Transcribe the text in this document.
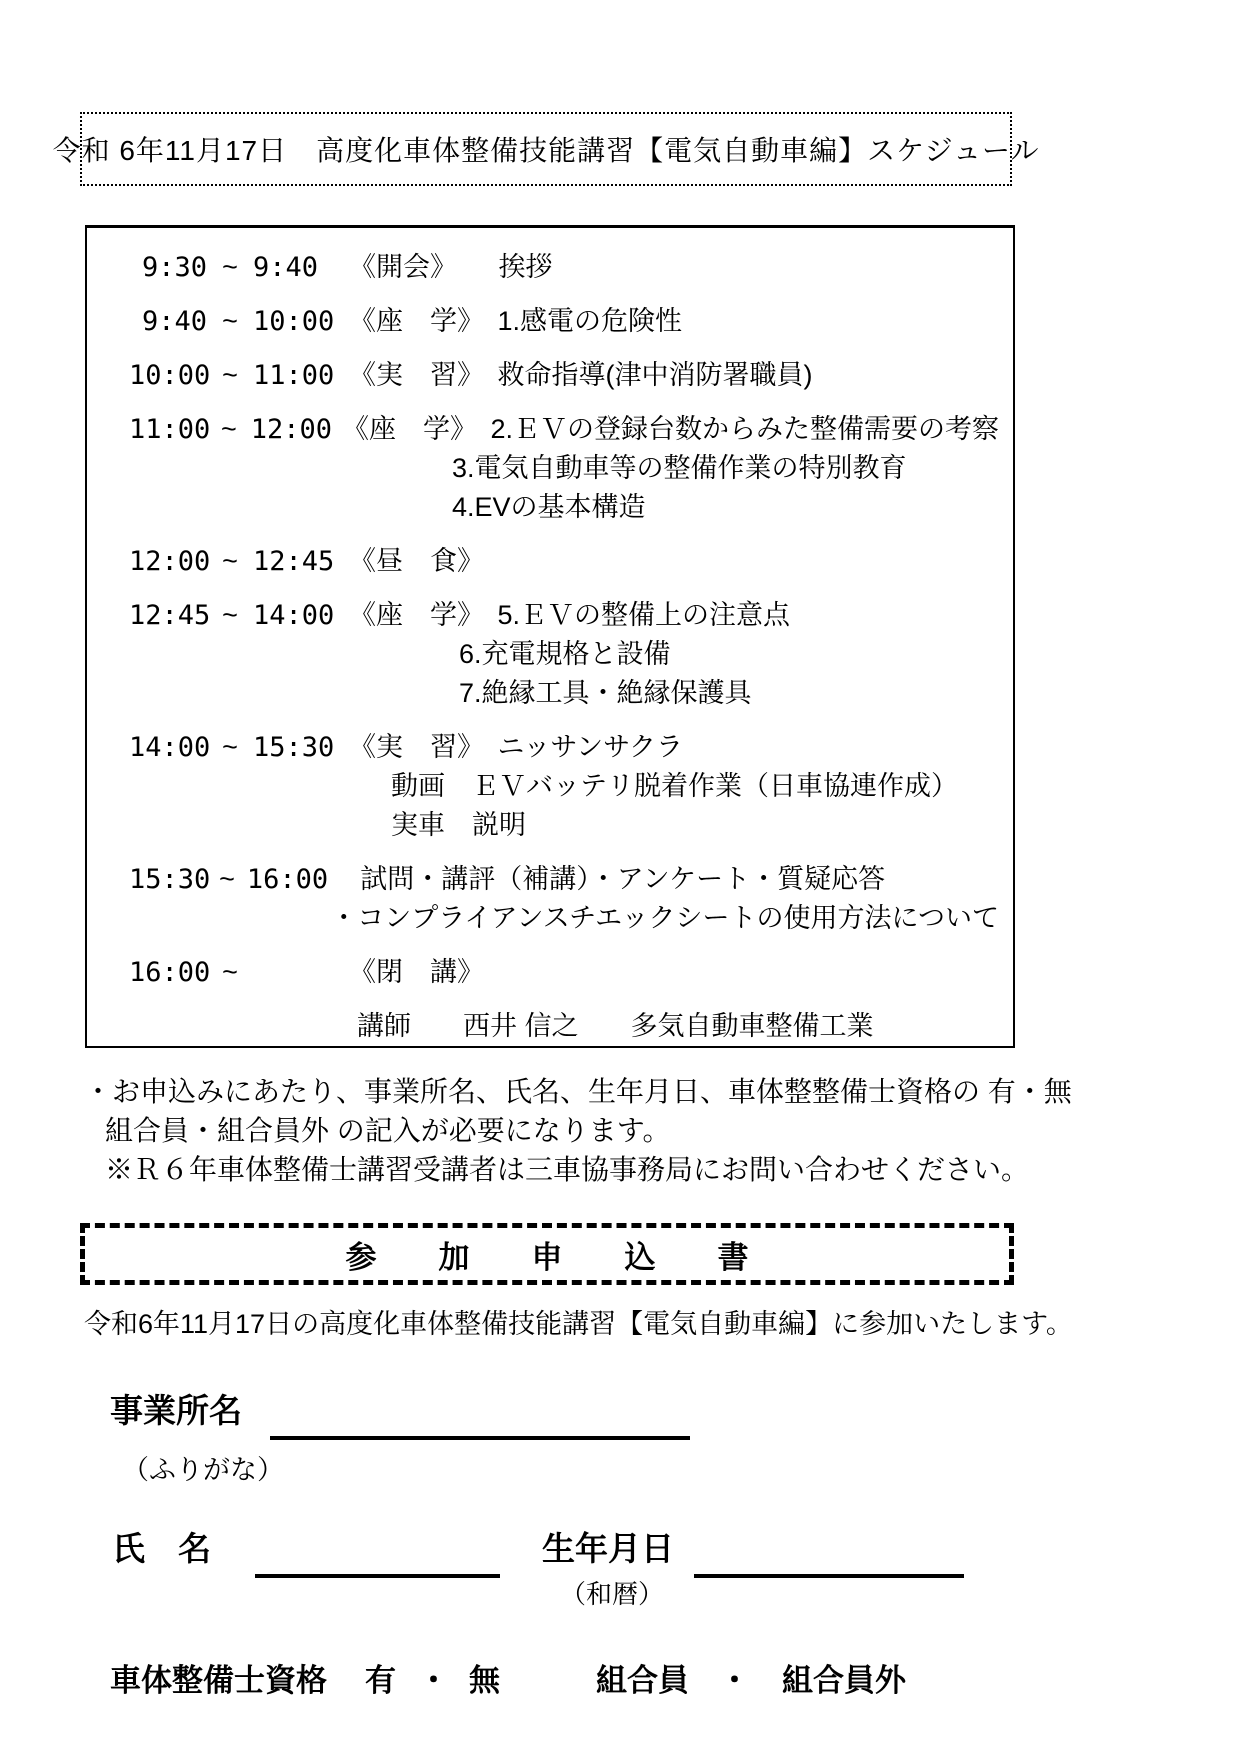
令和 6年11月17日　高度化車体整備技能講習【電気自動車編】スケジュール
9:30 ~ 9:40	《開会》 挨拶
9:40 ~ 10:00 《座　学》 1.感電の危険性
10:00 ~ 11:00 《実　習》 救命指導(津中消防署職員)
11:00 ~ 12:00 《座　学》 2.ＥＶの登録台数からみた整備需要の考察
3.電気自動車等の整備作業の特別教育
4.EVの基本構造
12:00 ~ 12:45 《昼　食》
12:45 ~ 14:00 《座　学》 5.ＥＶの整備上の注意点
6.充電規格と設備
7.絶縁工具・絶縁保護具
14:00 ~ 15:30 《実　習》 ニッサンサクラ
動画　ＥＶバッテリ脱着作業（日車協連作成）
実車　説明
15:30 ~ 16:00	試問・講評（補講）・アンケート・質疑応答
・コンプライアンスチエックシートの使用方法について
16:00 ~	《閉　講》
講師 西井 信之 多気自動車整備工業
・お申込みにあたり、事業所名、氏名、生年月日、車体整整備士資格の 有・無
組合員・組合員外 の記入が必要になります。
※Ｒ６年車体整備士講習受講者は三車協事務局にお問い合わせください。
参　　加　　申　　込　　書
令和6年11月17日の高度化車体整備技能講習【電気自動車編】に参加いたします。
事業所名
（ふりがな）
氏　名	生年月日
（和暦）
車体整備士資格 有 ・ 無	組合員 ・ 組合員外
